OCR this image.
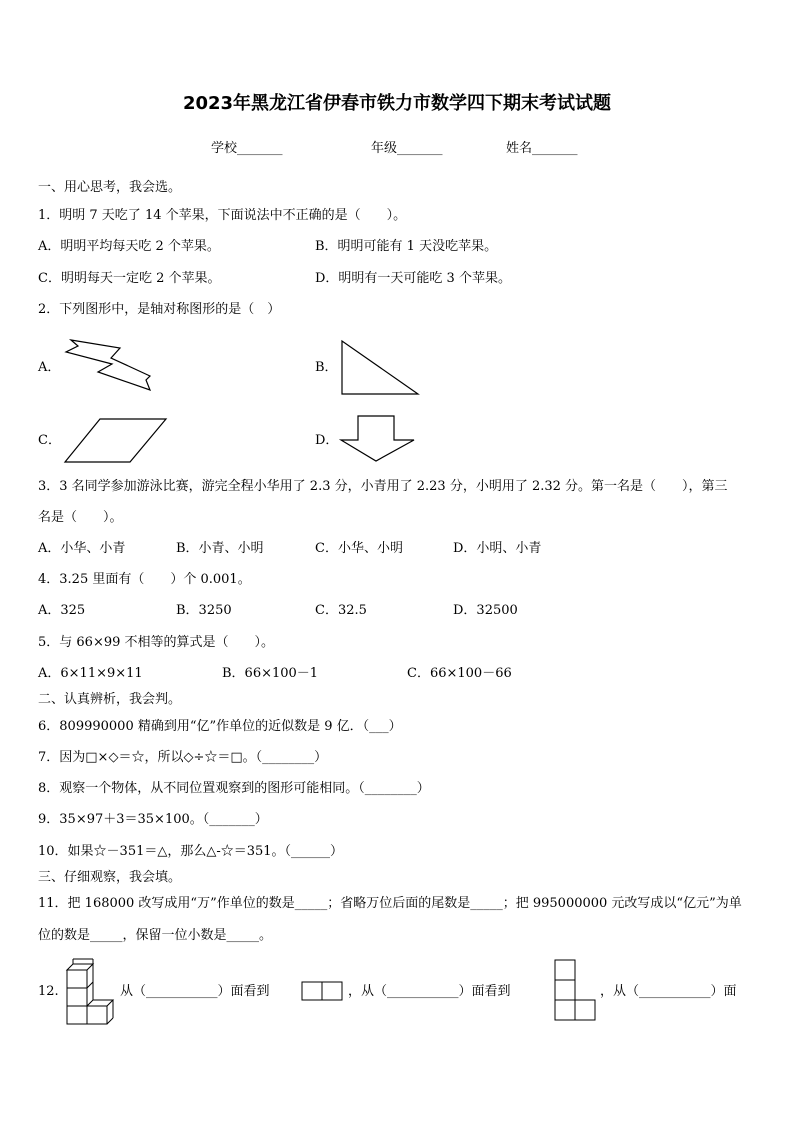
2023年黑龙江省伊春市铁力市数学四下期末考试试题
学校_______	年级_______	姓名_______
一、用心思考，我会选。
1．明明 7 天吃了 14 个苹果，下面说法中不正确的是（　　）。
A．明明平均每天吃 2 个苹果。	B．明明可能有 1 天没吃苹果。
C．明明每天一定吃 2 个苹果。	D．明明有一天可能吃 3 个苹果。
2．下列图形中，是轴对称图形的是（　）
A．	B．
C．	D．
3．3 名同学参加游泳比赛，游完全程小华用了 2.3 分，小青用了 2.23 分，小明用了 2.32 分。第一名是（　　），第三
名是（　　）。
A．小华、小青	B．小青、小明	C．小华、小明	D．小明、小青
4．3.25 里面有（　　）个 0.001。
A．325	B．3250	C．32.5	D．32500
5．与 66×99 不相等的算式是（　　）。
A．6×11×9×11	B．66×100－1	C．66×100－66
二、认真辨析，我会判。
6．809990000 精确到用“亿”作单位的近似数是 9 亿．（___）
7．因为□×◇＝☆，所以◇÷☆＝□。（________）
8．观察一个物体，从不同位置观察到的图形可能相同。（________）
9．35×97＋3＝35×100。（_______）
10．如果☆－351＝△，那么△-☆＝351。（______）
三、仔细观察，我会填。
11．把 168000 改写成用“万”作单位的数是_____；省略万位后面的尾数是_____；把 995000000 元改写成以“亿元”为单
位的数是_____，保留一位小数是_____。
12.	从（___________）面看到	，从（___________）面看到	，从（___________）面
